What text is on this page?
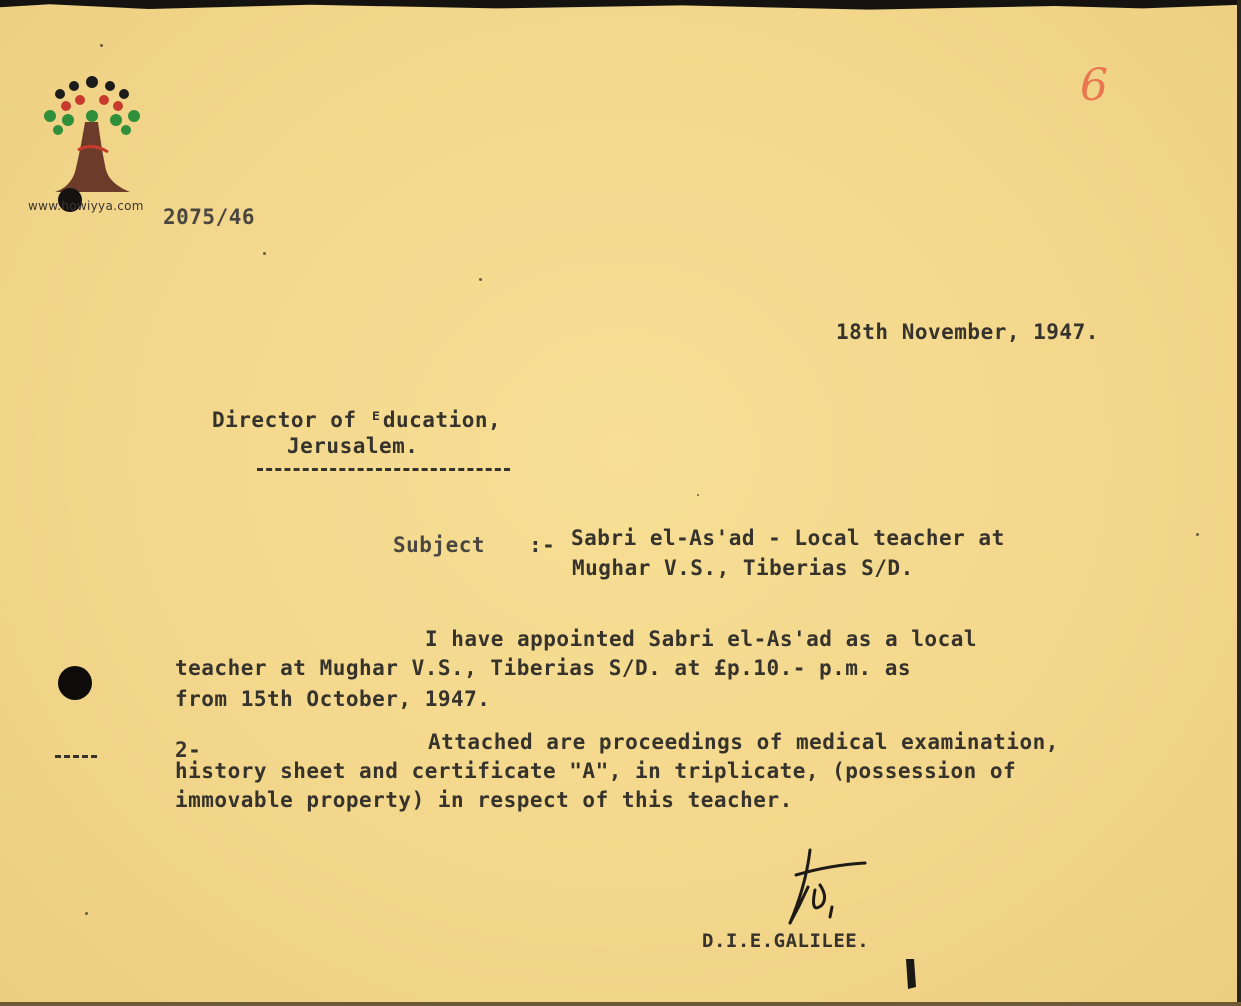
www.howiyya.com
6
2075/46
18th November, 1947.
Director of ᴱducation,
Jerusalem.
Subject :- Sabri el-As'ad - Local teacher at
Mughar V.S., Tiberias S/D.
I have appointed Sabri el-As'ad as a local
teacher at Mughar V.S., Tiberias S/D. at £p.10.- p.m. as
from 15th October, 1947.
2-	Attached are proceedings of medical examination,
history sheet and certificate "A", in triplicate, (possession of
immovable property) in respect of this teacher.
D.I.E.GALILEE.
